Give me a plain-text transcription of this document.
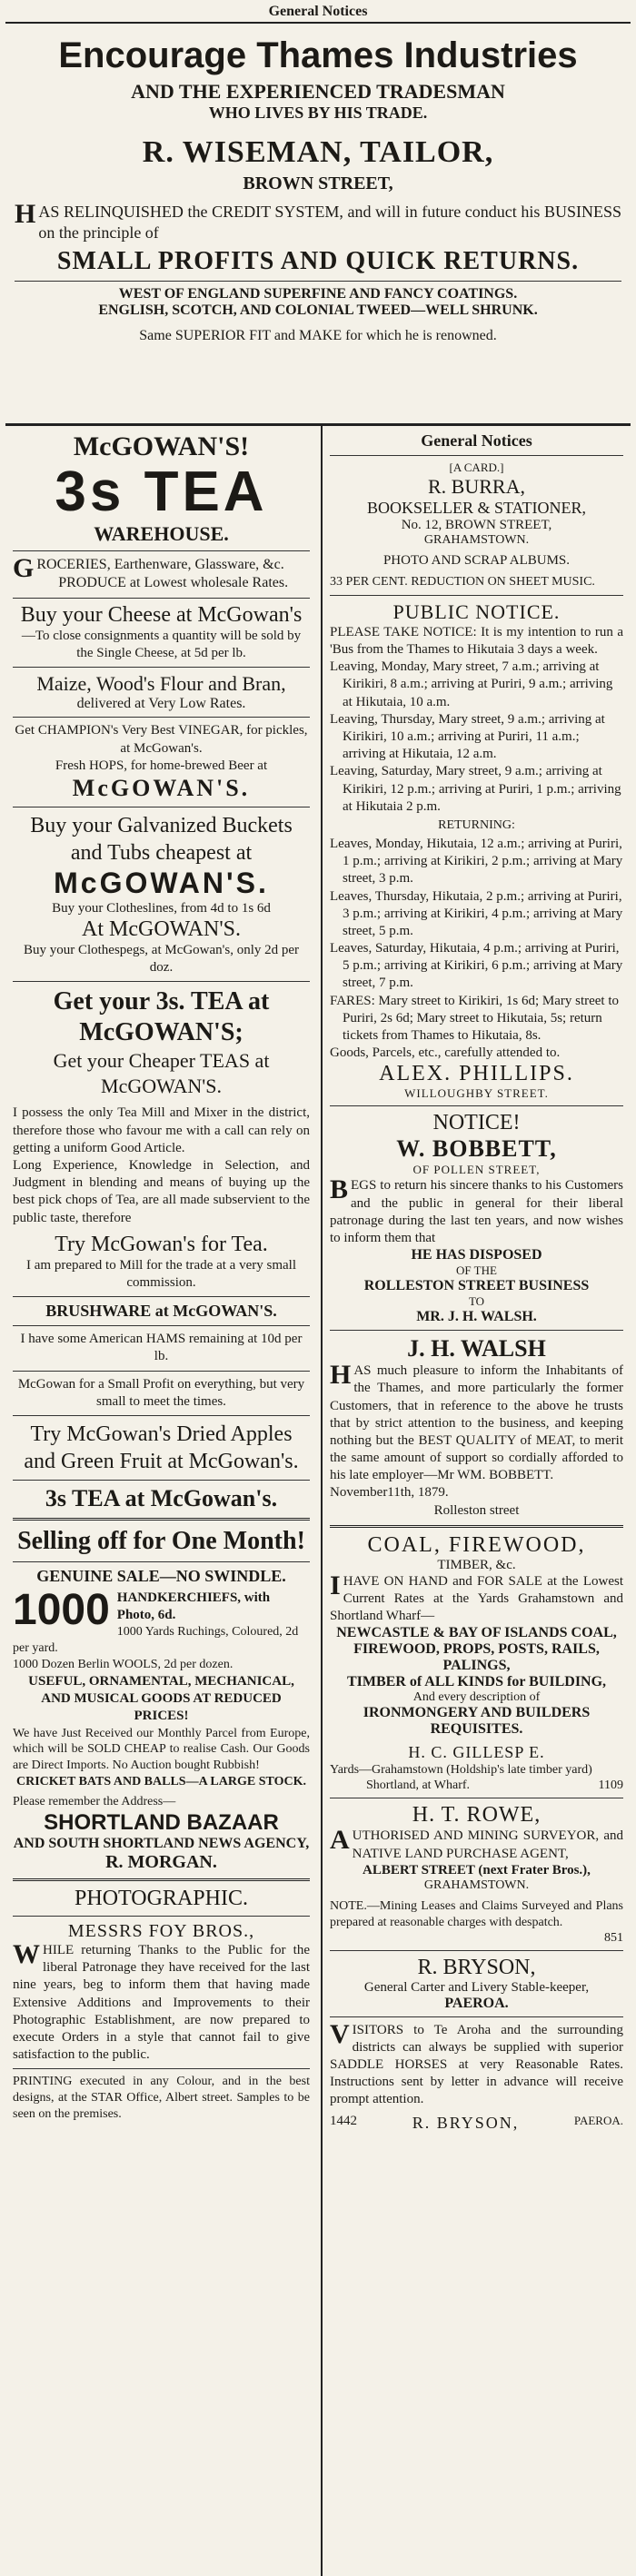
General Notices
Encourage Thames Industries
AND THE EXPERIENCED TRADESMAN
WHO LIVES BY HIS TRADE.
R. WISEMAN, TAILOR,
BROWN STREET,

HAS RELINQUISHED the CREDIT SYSTEM, and will in future conduct his BUSINESS on the principle of

SMALL PROFITS AND QUICK RETURNS.
WEST OF ENGLAND SUPERFINE AND FANCY COATINGS.
ENGLISH, SCOTCH, AND COLONIAL TWEED—WELL SHRUNK.
Same SUPERIOR FIT and MAKE for which he is renowned.
McGOWAN'S!
3s TEA
WAREHOUSE.

GROCERIES, Earthenware, Glassware, &c.

PRODUCE at Lowest wholesale Rates.

Buy your Cheese at McGowan's

—To close consignments a quantity will be sold by the Single Cheese, at 5d per lb.

Maize, Wood's Flour and Bran,
delivered at Very Low Rates.

Get CHAMPION's Very Best VINEGAR, for pickles, at McGowan's.

Fresh HOPS, for home-brewed Beer at

McGOWAN'S.
Buy your Galvanized Buckets and Tubs cheapest at
McGOWAN'S.

Buy your Clotheslines, from 4d to 1s 6d

At McGOWAN'S.

Buy your Clothespegs, at McGowan's, only 2d per doz.

Get your 3s. TEA at McGOWAN'S;
Get your Cheaper TEAS at McGOWAN'S.

I possess the only Tea Mill and Mixer in the district, therefore those who favour me with a call can rely on getting a uniform Good Article.

Long Experience, Knowledge in Selection, and Judgment in blending and means of buying up the best pick chops of Tea, are all made subservient to the public taste, therefore

Try McGowan's for Tea.

I am prepared to Mill for the trade at a very small commission.

BRUSHWARE at McGOWAN'S.

I have some American HAMS remaining at 10d per lb.

McGowan for a Small Profit on everything, but very small to meet the times.

Try McGowan's Dried Apples and Green Fruit at McGowan's.
3s TEA at McGowan's.
Selling off for One Month!
GENUINE SALE—NO SWINDLE.
1000 HANDKERCHIEFS, with Photo, 6d.

1000 Yards Ruchings, Coloured, 2d per yard.

1000 Dozen Berlin WOOLS, 2d per dozen.

USEFUL, ORNAMENTAL, MECHANICAL, AND MUSICAL GOODS AT REDUCED PRICES!

We have Just Received our Monthly Parcel from Europe, which will be SOLD CHEAP to realise Cash. Our Goods are Direct Imports. No Auction bought Rubbish!

CRICKET BATS AND BALLS—A LARGE STOCK.

Please remember the Address—

SHORTLAND BAZAAR
AND SOUTH SHORTLAND NEWS AGENCY,
R. MORGAN.
PHOTOGRAPHIC.
MESSRS FOY BROS.,

WHILE returning Thanks to the Public for the liberal Patronage they have received for the last nine years, beg to inform them that having made Extensive Additions and Improvements to their Photographic Establishment, are now prepared to execute Orders in a style that cannot fail to give satisfaction to the public.

PRINTING executed in any Colour, and in the best designs, at the STAR Office, Albert street. Samples to be seen on the premises.

General Notices
[A CARD.]
R. BURRA,
BOOKSELLER & STATIONER,
No. 12, BROWN STREET,
GRAHAMSTOWN.
PHOTO AND SCRAP ALBUMS.

33 PER CENT. REDUCTION ON SHEET MUSIC.

PUBLIC NOTICE.

PLEASE TAKE NOTICE: It is my intention to run a 'Bus from the Thames to Hikutaia 3 days a week.

Leaving, Monday, Mary street, 7 a.m.; arriving at Kirikiri, 8 a.m.; arriving at Puriri, 9 a.m.; arriving at Hikutaia, 10 a.m.

Leaving, Thursday, Mary street, 9 a.m.; arriving at Kirikiri, 10 a.m.; arriving at Puriri, 11 a.m.; arriving at Hikutaia, 12 a.m.

Leaving, Saturday, Mary street, 9 a.m.; arriving at Kirikiri, 12 p.m.; arriving at Puriri, 1 p.m.; arriving at Hikutaia 2 p.m.

RETURNING:

Leaves, Monday, Hikutaia, 12 a.m.; arriving at Puriri, 1 p.m.; arriving at Kirikiri, 2 p.m.; arriving at Mary street, 3 p.m.

Leaves, Thursday, Hikutaia, 2 p.m.; arriving at Puriri, 3 p.m.; arriving at Kirikiri, 4 p.m.; arriving at Mary street, 5 p.m.

Leaves, Saturday, Hikutaia, 4 p.m.; arriving at Puriri, 5 p.m.; arriving at Kirikiri, 6 p.m.; arriving at Mary street, 7 p.m.

FARES: Mary street to Kirikiri, 1s 6d; Mary street to Puriri, 2s 6d; Mary street to Hikutaia, 5s; return tickets from Thames to Hikutaia, 8s.

Goods, Parcels, etc., carefully attended to.

ALEX. PHILLIPS.
WILLOUGHBY STREET.
NOTICE!
W. BOBBETT,
OF POLLEN STREET,

BEGS to return his sincere thanks to his Customers and the public in general for their liberal patronage during the last ten years, and now wishes to inform them that

HE HAS DISPOSED
OF THE
ROLLESTON STREET BUSINESS
TO
MR. J. H. WALSH.
J. H. WALSH

HAS much pleasure to inform the Inhabitants of the Thames, and more particularly the former Customers, that in reference to the above he trusts that by strict attention to the business, and keeping nothing but the BEST QUALITY of MEAT, to merit the same amount of support so cordially afforded to his late employer—Mr WM. BOBBETT.

November11th, 1879.

Rolleston street

COAL, FIREWOOD,
TIMBER, &c.

IHAVE ON HAND and FOR SALE at the Lowest Current Rates at the Yards Grahamstown and Shortland Wharf—

NEWCASTLE & BAY OF ISLANDS COAL,
FIREWOOD, PROPS, POSTS, RAILS, PALINGS,
TIMBER of ALL KINDS for BUILDING,
And every description of
IRONMONGERY AND BUILDERS REQUISITES.
H. C. GILLESP E.

Yards—Grahamstown (Holdship's late timber yard)

Shortland, at Wharf.	1109
H. T. ROWE,

AUTHORISED AND MINING SURVEYOR, and NATIVE LAND PURCHASE AGENT,

ALBERT STREET (next Frater Bros.),
GRAHAMSTOWN.

NOTE.—Mining Leases and Claims Surveyed and Plans prepared at reasonable charges with despatch.

851
R. BRYSON,
General Carter and Livery Stable-keeper,
PAEROA.

VISITORS to Te Aroha and the surrounding districts can always be supplied with superior SADDLE HORSES at very Reasonable Rates. Instructions sent by letter in advance will receive prompt attention.

1442	R. BRYSON,	PAEROA.
